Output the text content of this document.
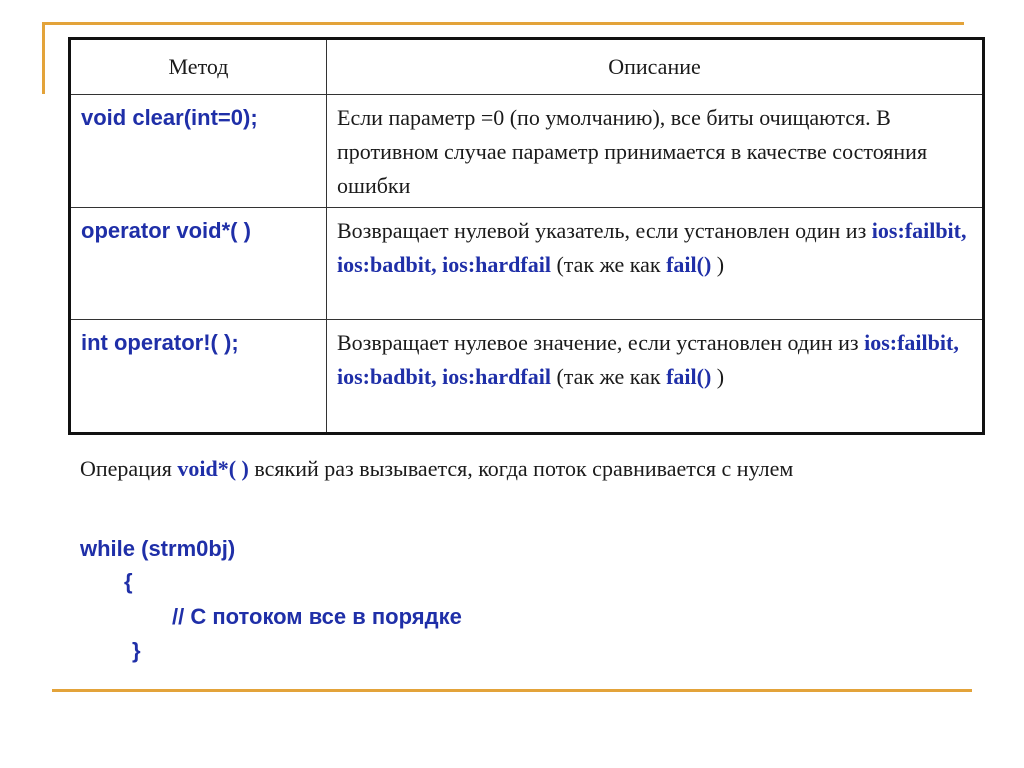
Метод	Описание
void clear(int=0);	Если параметр =0 (по умолчанию), все биты очищаются. В противном случае параметр принимается в качестве состояния ошибки
operator void*( )	Возвращает нулевой указатель, если установлен один из ios:failbit, ios:badbit, ios:hardfail (так же как fail() )
int operator!( );	Возвращает нулевое значение, если установлен один из ios:failbit, ios:badbit, ios:hardfail (так же как fail() )
Операция void*( ) всякий раз вызывается, когда поток сравнивается с нулем
while (strm0bj)
{
// С потоком все в порядке
}
